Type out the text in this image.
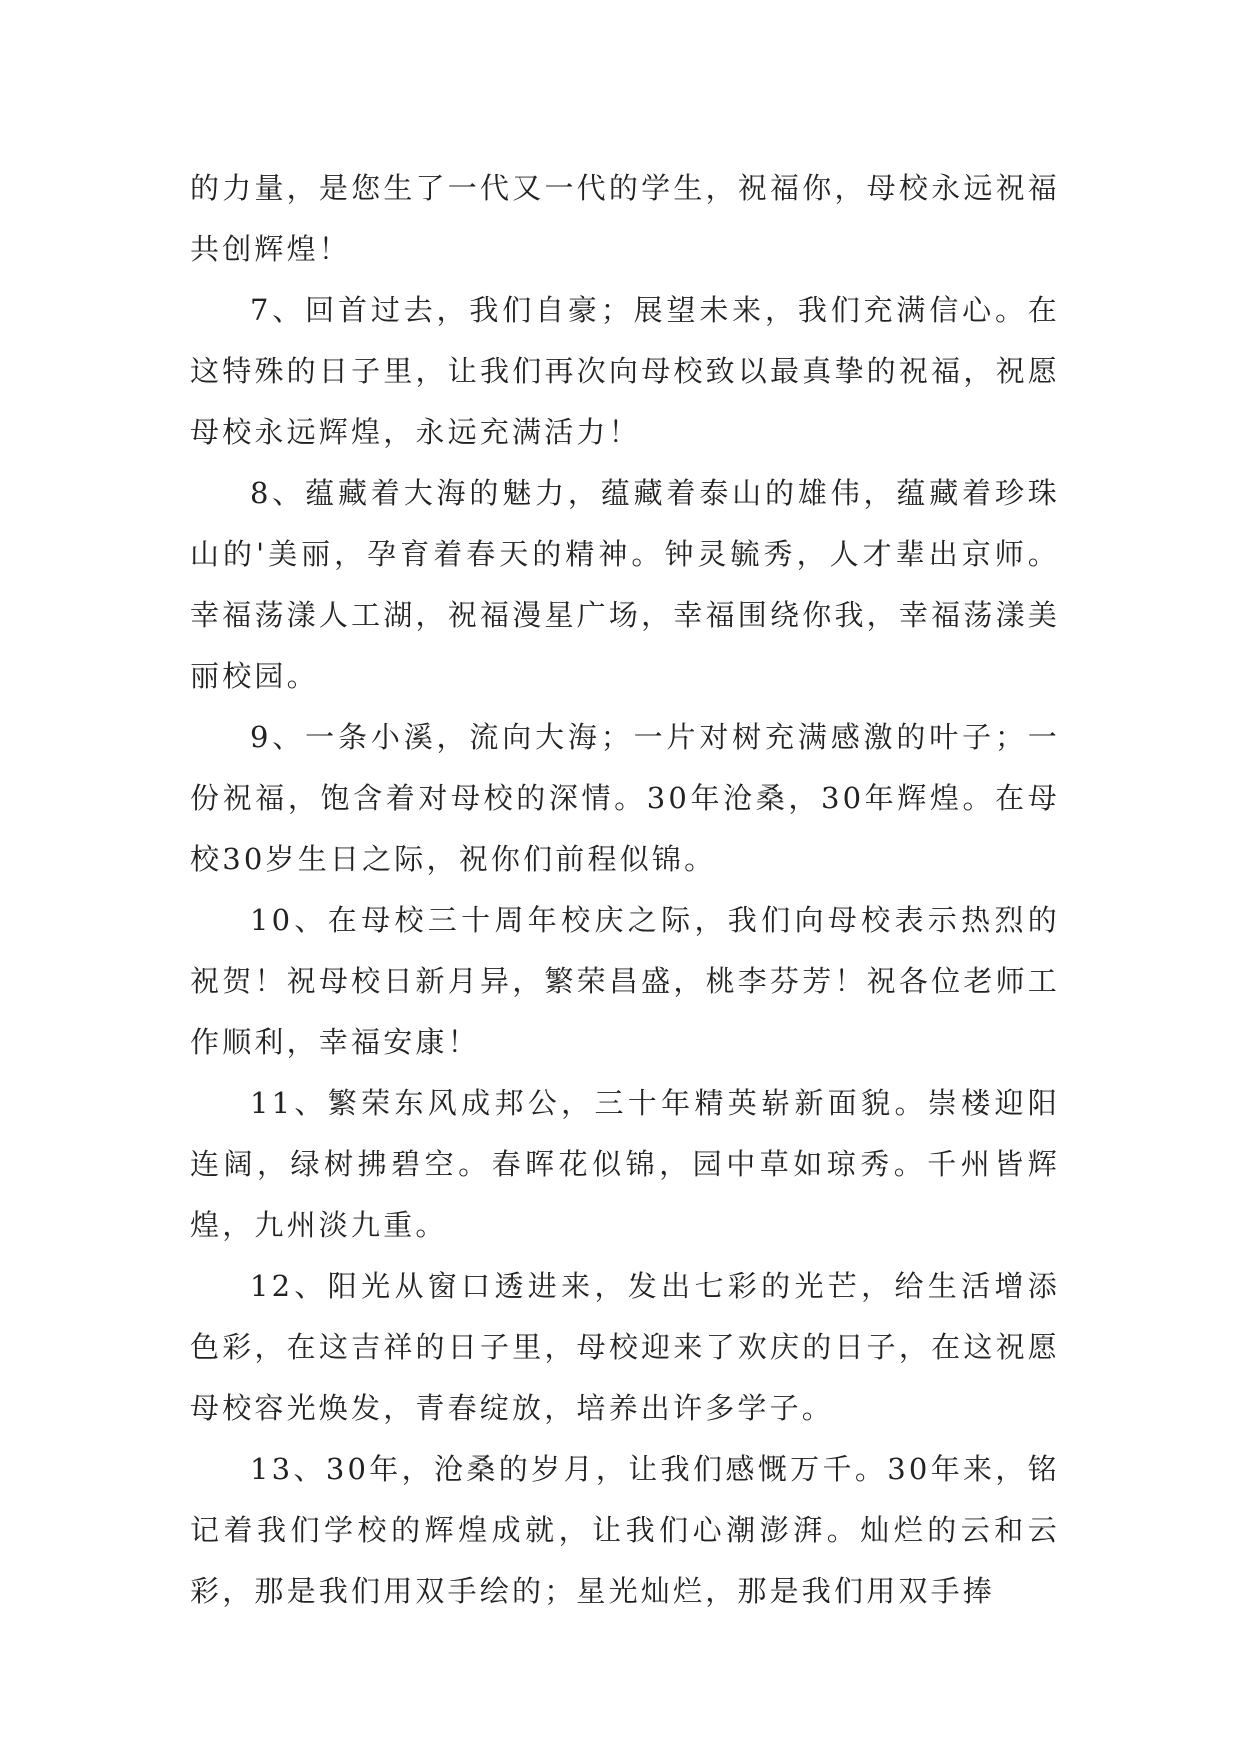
的力量，是您生了一代又一代的学生，祝福你，母校永远祝福共创辉煌！

7、回首过去，我们自豪；展望未来，我们充满信心。在这特殊的日子里，让我们再次向母校致以最真挚的祝福，祝愿母校永远辉煌，永远充满活力！

8、蕴藏着大海的魅力，蕴藏着泰山的雄伟，蕴藏着珍珠山的'美丽，孕育着春天的精神。钟灵毓秀，人才辈出京师。幸福荡漾人工湖，祝福漫星广场，幸福围绕你我，幸福荡漾美丽校园。

9、一条小溪，流向大海；一片对树充满感激的叶子；一份祝福，饱含着对母校的深情。30年沧桑，30年辉煌。在母校30岁生日之际，祝你们前程似锦。

10、在母校三十周年校庆之际，我们向母校表示热烈的祝贺！祝母校日新月异，繁荣昌盛，桃李芬芳！祝各位老师工作顺利，幸福安康！

11、繁荣东风成邦公，三十年精英崭新面貌。崇楼迎阳连阔，绿树拂碧空。春晖花似锦，园中草如琼秀。千州皆辉煌，九州淡九重。

12、阳光从窗口透进来，发出七彩的光芒，给生活增添色彩，在这吉祥的日子里，母校迎来了欢庆的日子，在这祝愿母校容光焕发，青春绽放，培养出许多学子。

13、30年，沧桑的岁月，让我们感慨万千。30年来，铭记着我们学校的辉煌成就，让我们心潮澎湃。灿烂的云和云彩，那是我们用双手绘的；星光灿烂，那是我们用双手捧
